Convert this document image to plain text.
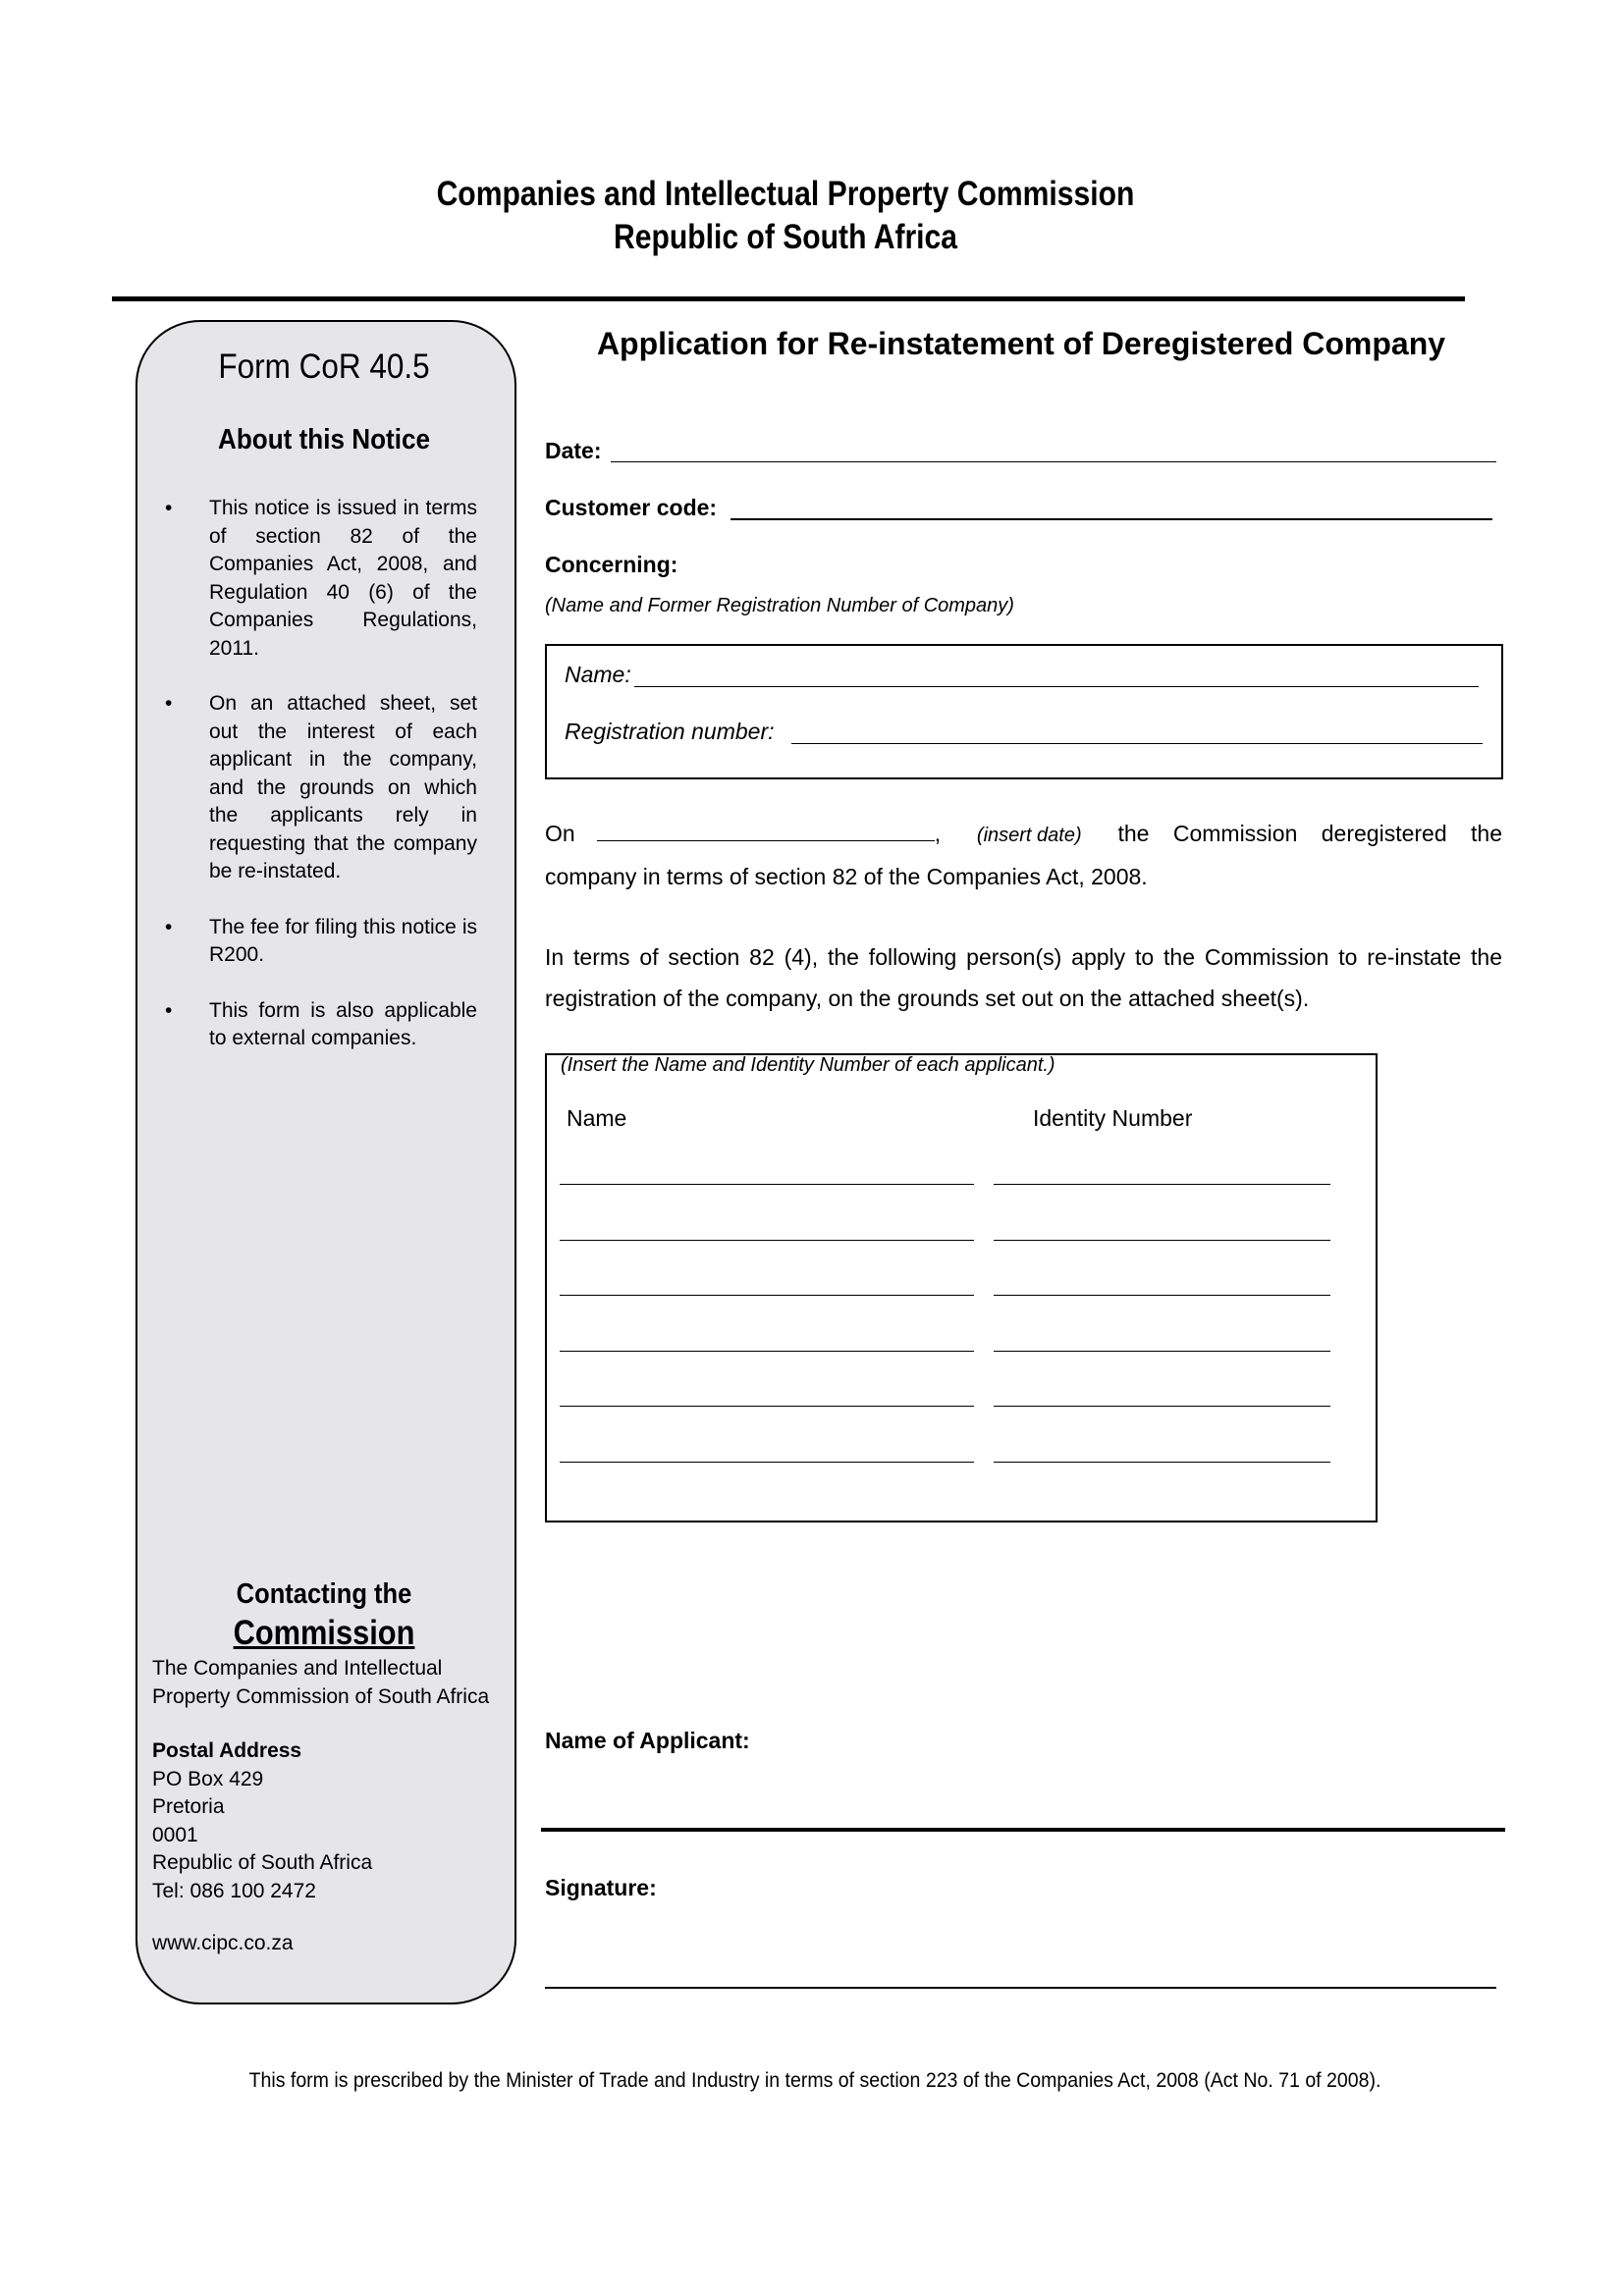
Companies and Intellectual Property Commission
Republic of South Africa
Form CoR 40.5
About this Notice
• This notice is issued in terms of section 82 of the Companies Act, 2008, and Regulation 40 (6) of the Companies Regulations, 2011.
• On an attached sheet, set out the interest of each applicant in the company, and the grounds on which the applicants rely in requesting that the company be re-instated.
• The fee for filing this notice is R200.
• This form is also applicable to external companies.
Contacting the
Commission
The Companies and Intellectual
Property Commission of South Africa
Postal Address
PO Box 429
Pretoria
0001
Republic of South Africa
Tel: 086 100 2472
www.cipc.co.za
Application for Re-instatement of Deregistered Company
Date:
Customer code:
Concerning:
(Name and Former Registration Number of Company)
Name:
Registration number:
On	, (insert date) the Commission deregistered the
company in terms of section 82 of the Companies Act, 2008.
In terms of section 82 (4), the following person(s) apply to the Commission to re-instate the registration of the company, on the grounds set out on the attached sheet(s).
(Insert the Name and Identity Number of each applicant.)
Name	Identity Number
Name of Applicant:
Signature:
This form is prescribed by the Minister of Trade and Industry in terms of section 223 of the Companies Act, 2008 (Act No. 71 of 2008).
